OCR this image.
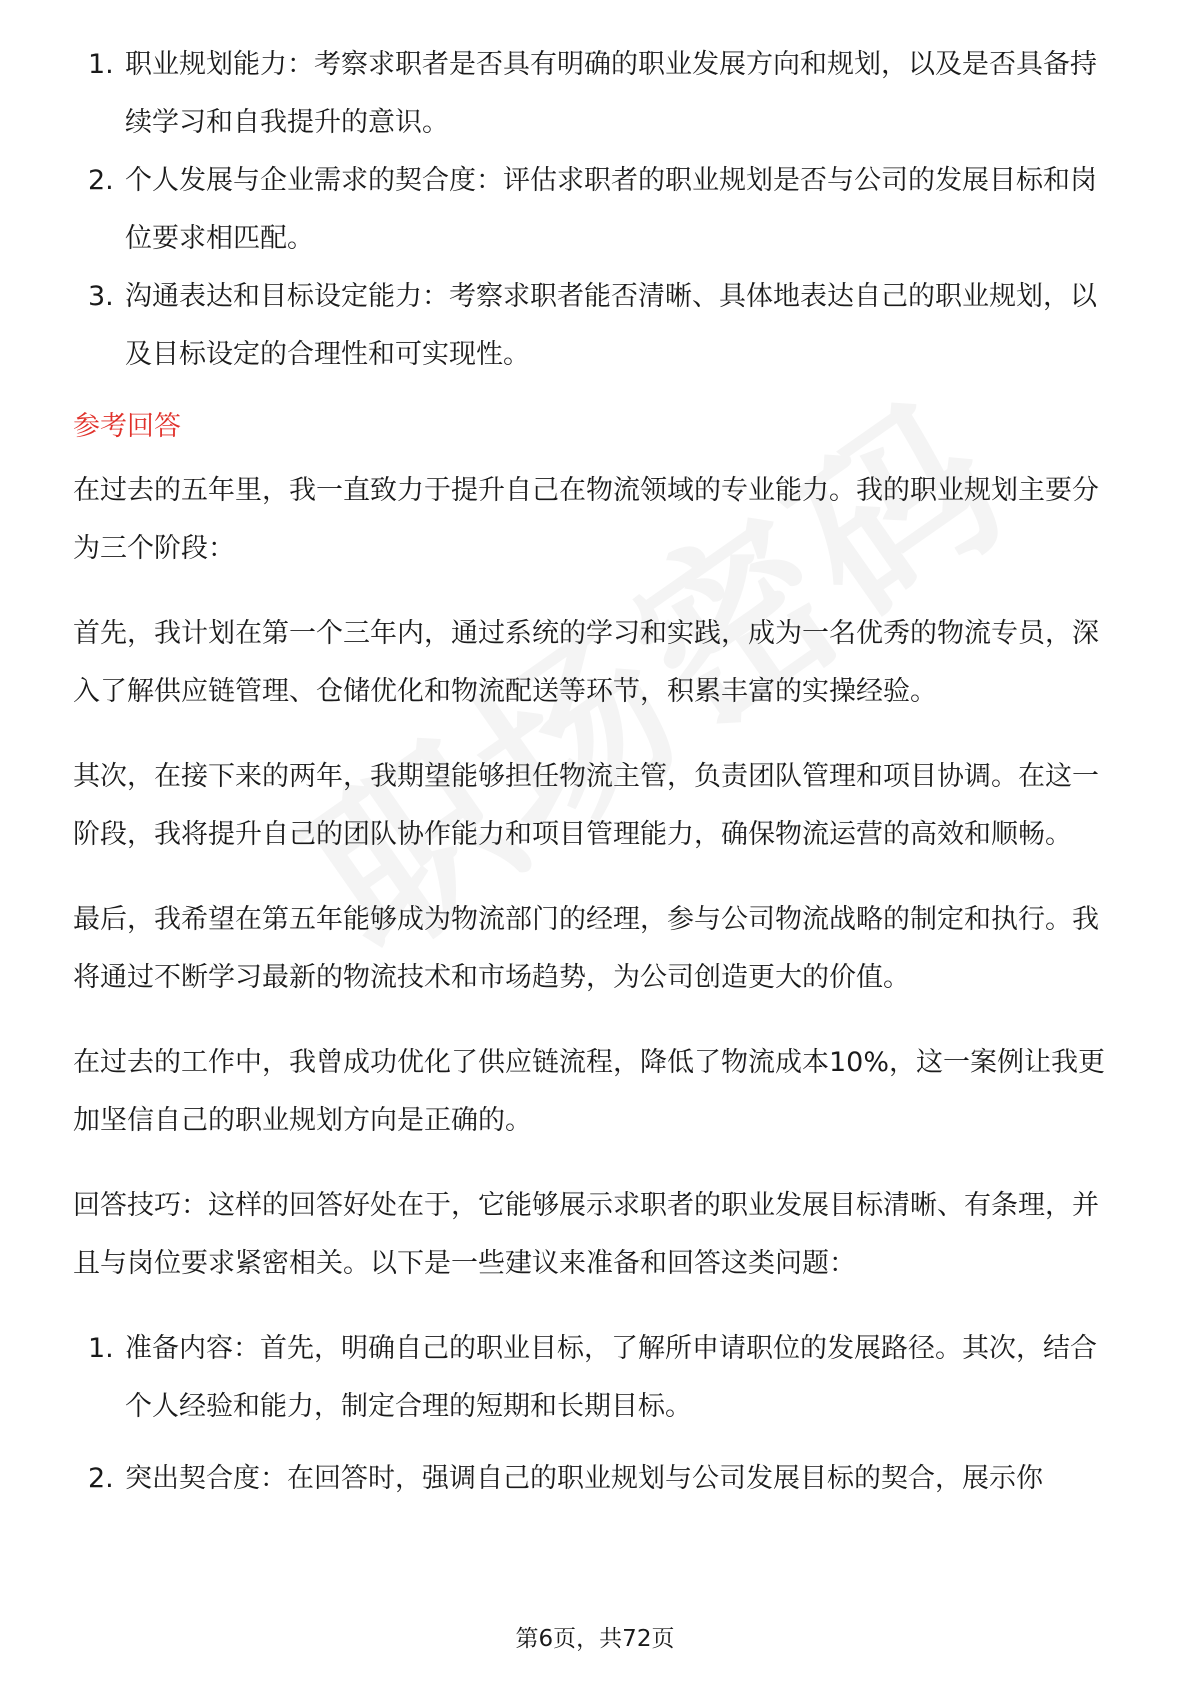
1. 职业规划能力：考察求职者是否具有明确的职业发展方向和规划，以及是否具备持续学习和自我提升的意识。
2. 个人发展与企业需求的契合度：评估求职者的职业规划是否与公司的发展目标和岗位要求相匹配。
3. 沟通表达和目标设定能力：考察求职者能否清晰、具体地表达自己的职业规划，以及目标设定的合理性和可实现性。
参考回答

在过去的五年里，我一直致力于提升自己在物流领域的专业能力。我的职业规划主要分为三个阶段：

首先，我计划在第一个三年内，通过系统的学习和实践，成为一名优秀的物流专员，深入了解供应链管理、仓储优化和物流配送等环节，积累丰富的实操经验。

其次，在接下来的两年，我期望能够担任物流主管，负责团队管理和项目协调。在这一阶段，我将提升自己的团队协作能力和项目管理能力，确保物流运营的高效和顺畅。

最后，我希望在第五年能够成为物流部门的经理，参与公司物流战略的制定和执行。我将通过不断学习最新的物流技术和市场趋势，为公司创造更大的价值。

在过去的工作中，我曾成功优化了供应链流程，降低了物流成本10%，这一案例让我更加坚信自己的职业规划方向是正确的。

回答技巧：这样的回答好处在于，它能够展示求职者的职业发展目标清晰、有条理，并且与岗位要求紧密相关。以下是一些建议来准备和回答这类问题：

1. 准备内容：首先，明确自己的职业目标，了解所申请职位的发展路径。其次，结合个人经验和能力，制定合理的短期和长期目标。
2. 突出契合度：在回答时，强调自己的职业规划与公司发展目标的契合，展示你
第6页，共72页
